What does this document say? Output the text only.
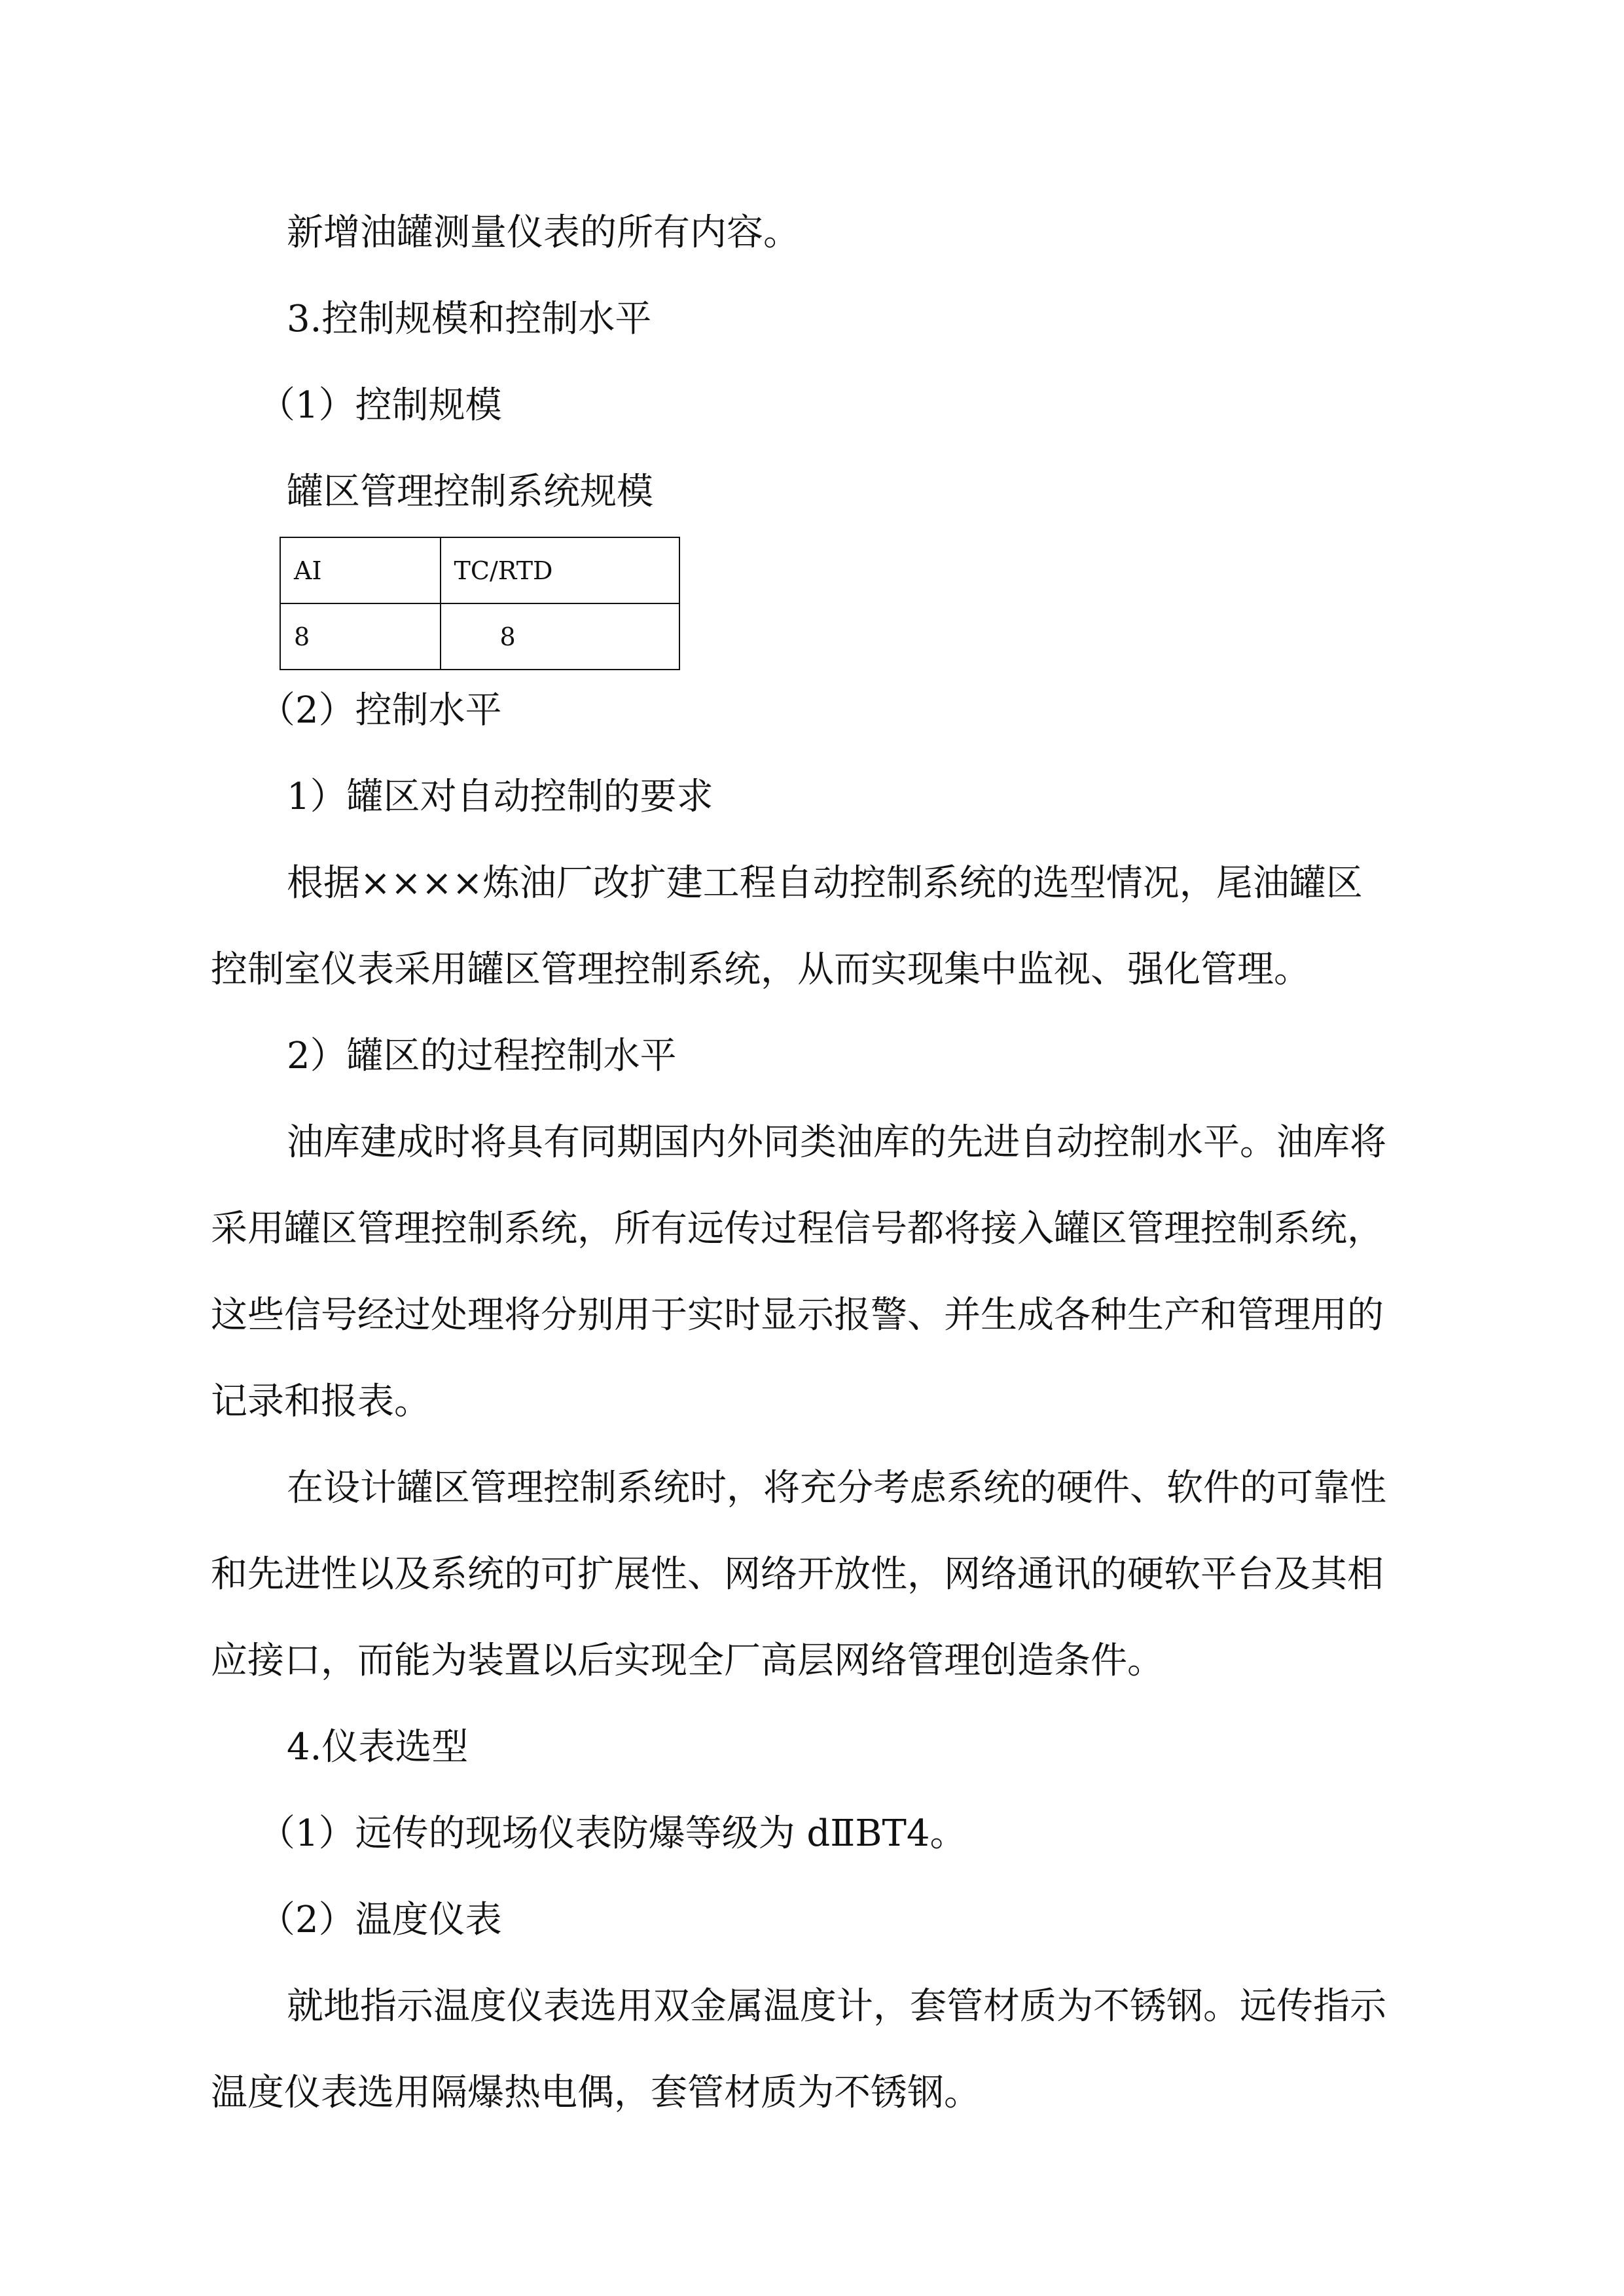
新增油罐测量仪表的所有内容。

3.控制规模和控制水平

（1）控制规模

罐区管理控制系统规模

AI	TC/RTD
8	8

（2）控制水平

1）罐区对自动控制的要求

根据××××炼油厂改扩建工程自动控制系统的选型情况，尾油罐区

控制室仪表采用罐区管理控制系统，从而实现集中监视、强化管理。

2）罐区的过程控制水平

油库建成时将具有同期国内外同类油库的先进自动控制水平。油库将

采用罐区管理控制系统，所有远传过程信号都将接入罐区管理控制系统，

这些信号经过处理将分别用于实时显示报警、并生成各种生产和管理用的

记录和报表。

在设计罐区管理控制系统时，将充分考虑系统的硬件、软件的可靠性

和先进性以及系统的可扩展性、网络开放性，网络通讯的硬软平台及其相

应接口，而能为装置以后实现全厂高层网络管理创造条件。

4.仪表选型

（1）远传的现场仪表防爆等级为 dⅡBT4。

（2）温度仪表

就地指示温度仪表选用双金属温度计，套管材质为不锈钢。远传指示

温度仪表选用隔爆热电偶，套管材质为不锈钢。
